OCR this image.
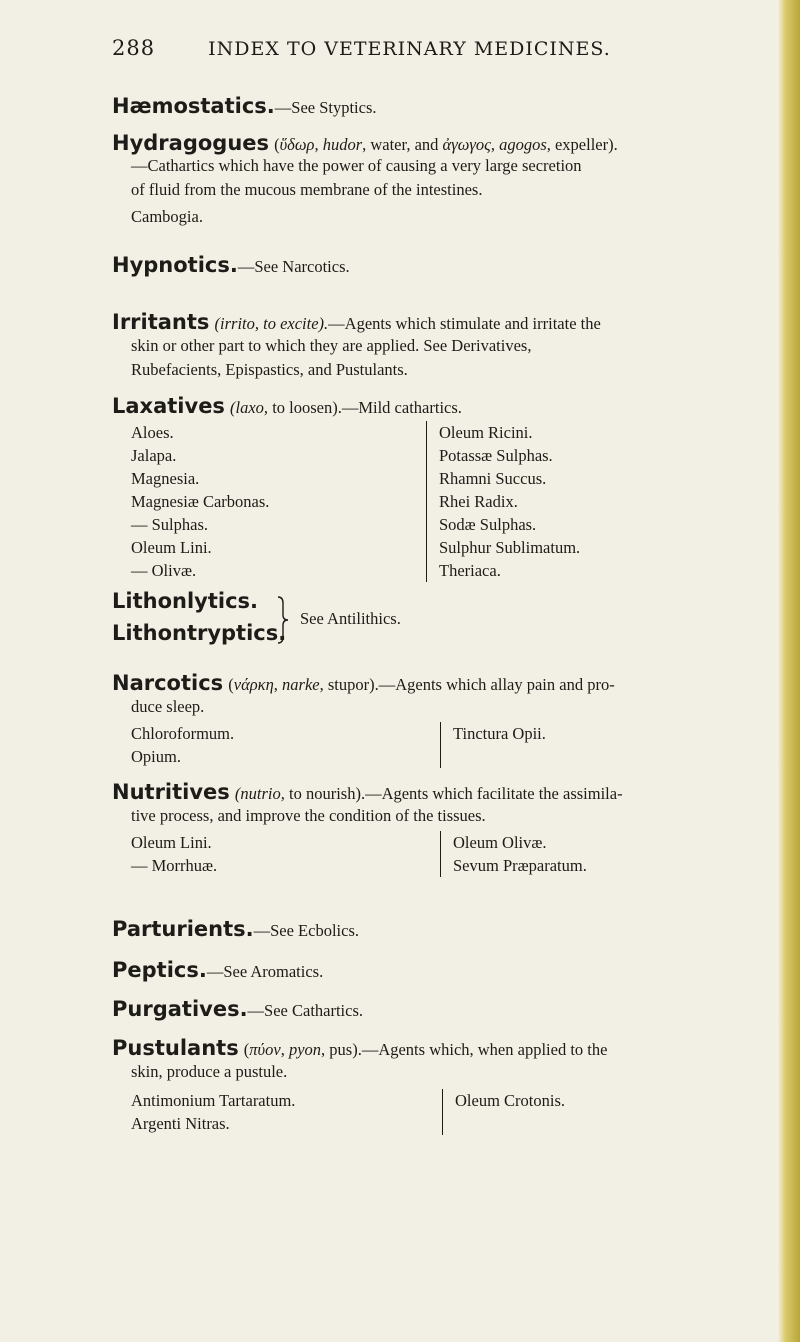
288	INDEX TO VETERINARY MEDICINES.
Hæmostatics.—See Styptics.
Hydragogues (ὕδωρ, hudor, water, and ἀγωγος, agogos, expeller).

—Cathartics which have the power of causing a very large secretion

of fluid from the mucous membrane of the intestines.

Cambogia.

Hypnotics.—See Narcotics.
Irritants (irrito, to excite).—Agents which stimulate and irritate the

skin or other part to which they are applied. See Derivatives,

Rubefacients, Epispastics, and Pustulants.

Laxatives (laxo, to loosen).—Mild cathartics.
Aloes.
Jalapa.
Magnesia.
Magnesiæ Carbonas.
— Sulphas.
Oleum Lini.
— Olivæ.
Oleum Ricini.
Potassæ Sulphas.
Rhamni Succus.
Rhei Radix.
Sodæ Sulphas.
Sulphur Sublimatum.
Theriaca.
Lithonlytics.
Lithontryptics.
See Antilithics.
Narcotics (νάρκη, narke, stupor).—Agents which allay pain and pro-

duce sleep.

Chloroformum.
Opium.
Tinctura Opii.
Nutritives (nutrio, to nourish).—Agents which facilitate the assimila-

tive process, and improve the condition of the tissues.

Oleum Lini.
— Morrhuæ.
Oleum Olivæ.
Sevum Præparatum.
Parturients.—See Ecbolics.
Peptics.—See Aromatics.
Purgatives.—See Cathartics.
Pustulants (πύον, pyon, pus).—Agents which, when applied to the

skin, produce a pustule.

Antimonium Tartaratum.
Argenti Nitras.
Oleum Crotonis.
